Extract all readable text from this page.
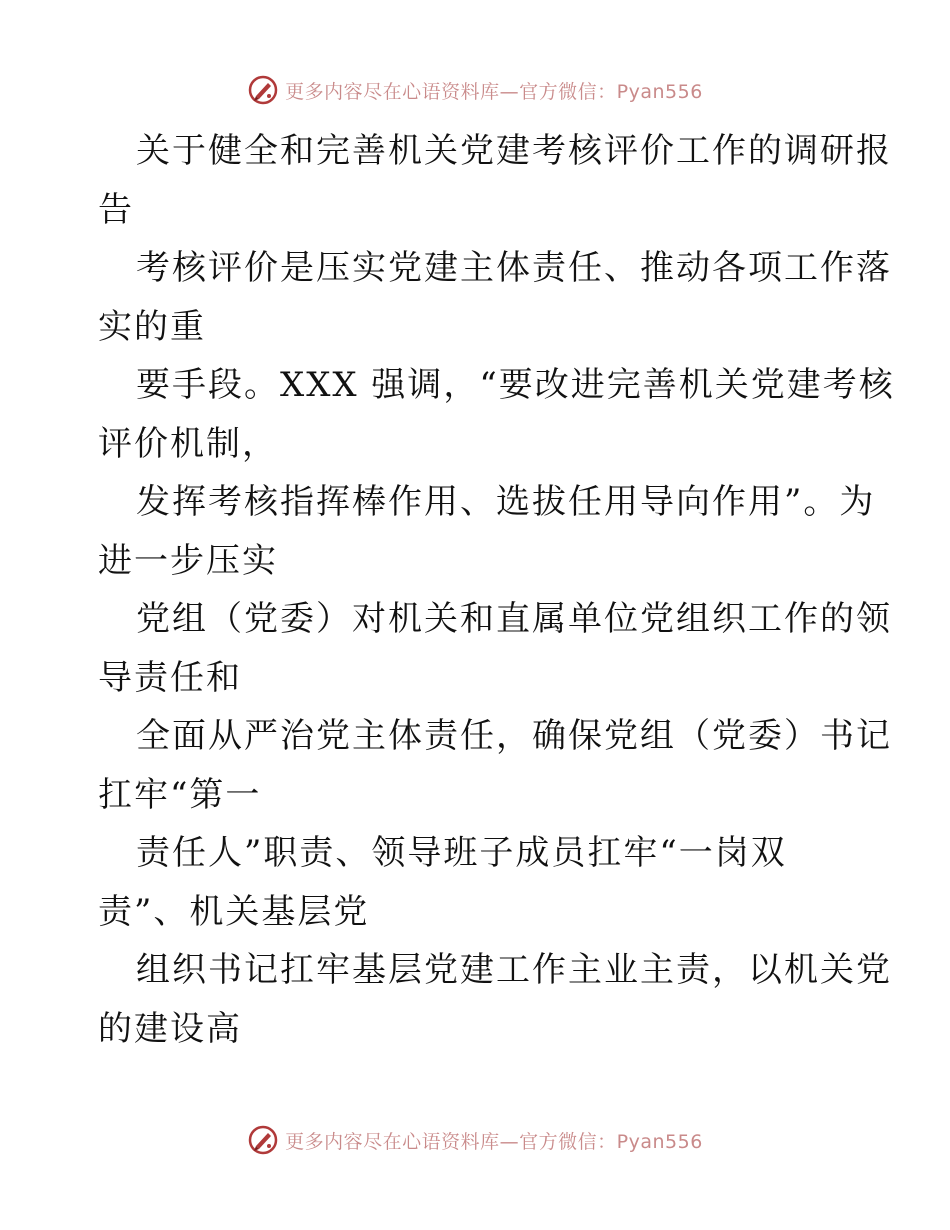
更多内容尽在心语资料库—官方微信：Pyan556
关于健全和完善机关党建考核评价工作的调研报
告
考核评价是压实党建主体责任、推动各项工作落
实的重
要手段。XXX 强调，“要改进完善机关党建考核
评价机制，
发挥考核指挥棒作用、选拔任用导向作用”。为
进一步压实
党组（党委）对机关和直属单位党组织工作的领
导责任和
全面从严治党主体责任，确保党组（党委）书记
扛牢“第一
责任人”职责、领导班子成员扛牢“一岗双
责”、机关基层党
组织书记扛牢基层党建工作主业主责，以机关党
的建设高
更多内容尽在心语资料库—官方微信：Pyan556
